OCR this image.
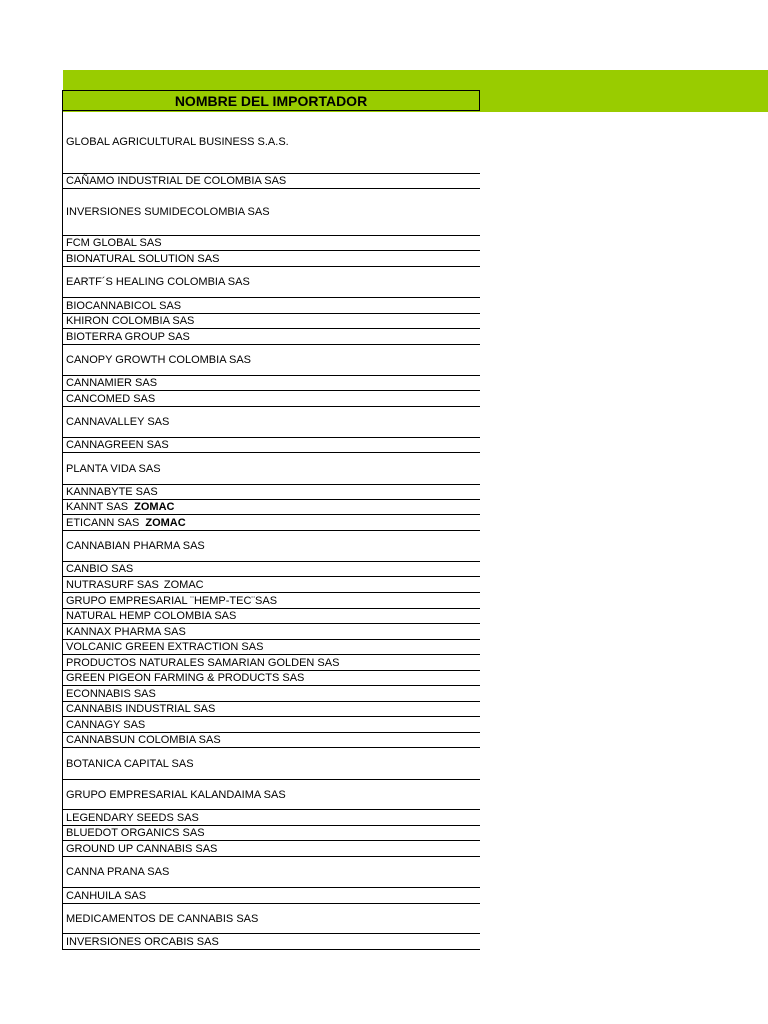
NOMBRE DEL IMPORTADOR
GLOBAL AGRICULTURAL BUSINESS S.A.S.
CAÑAMO INDUSTRIAL DE COLOMBIA SAS
INVERSIONES SUMIDECOLOMBIA SAS
FCM GLOBAL SAS
BIONATURAL SOLUTION SAS
EARTF´S HEALING COLOMBIA SAS
BIOCANNABICOL SAS
KHIRON COLOMBIA SAS
BIOTERRA GROUP SAS
CANOPY GROWTH COLOMBIA SAS
CANNAMIER SAS
CANCOMED SAS
CANNAVALLEY SAS
CANNAGREEN SAS
PLANTA VIDA SAS
KANNABYTE SAS
KANNT SAS ZOMAC
ETICANN SAS ZOMAC
CANNABIAN PHARMA SAS
CANBIO SAS
NUTRASURF SAS ZOMAC
GRUPO EMPRESARIAL ¨HEMP-TEC¨SAS
NATURAL HEMP COLOMBIA SAS
KANNAX PHARMA SAS
VOLCANIC GREEN EXTRACTION SAS
PRODUCTOS NATURALES SAMARIAN GOLDEN SAS
GREEN PIGEON FARMING & PRODUCTS SAS
ECONNABIS SAS
CANNABIS INDUSTRIAL SAS
CANNAGY SAS
CANNABSUN COLOMBIA SAS
BOTANICA CAPITAL SAS
GRUPO EMPRESARIAL KALANDAIMA SAS
LEGENDARY SEEDS SAS
BLUEDOT ORGANICS SAS
GROUND UP CANNABIS SAS
CANNA PRANA SAS
CANHUILA SAS
MEDICAMENTOS DE CANNABIS SAS
INVERSIONES ORCABIS SAS
